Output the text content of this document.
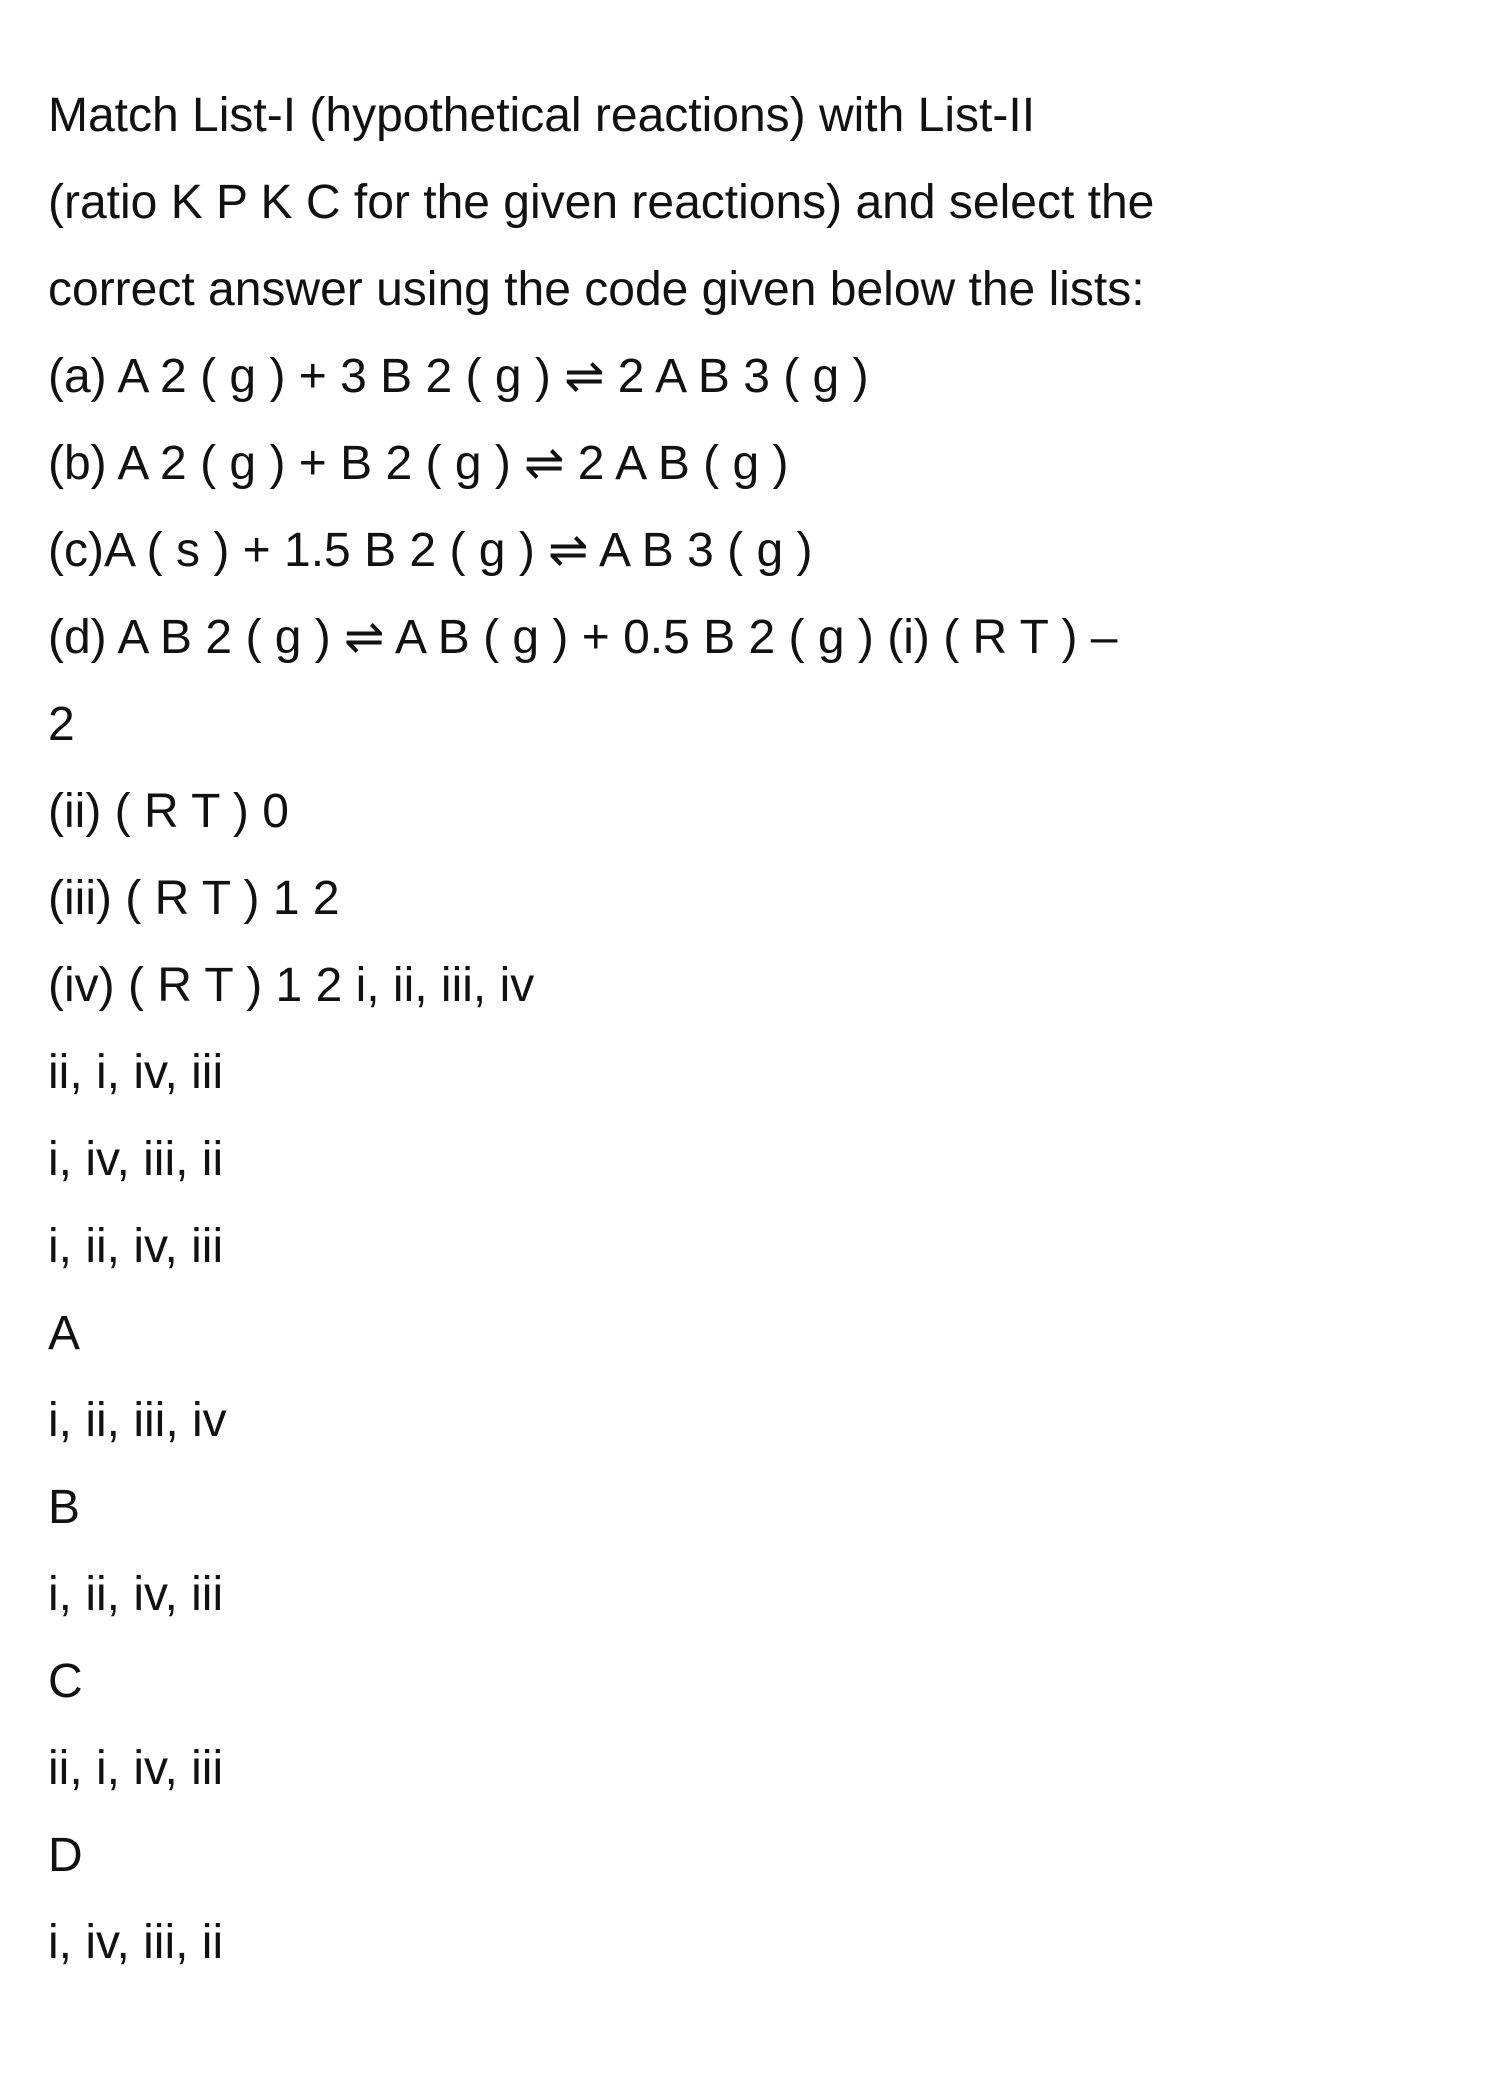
Match List-I (hypothetical reactions) with List-II
(ratio K P K C for the given reactions) and select the
correct answer using the code given below the lists:
(a) A 2 ( g ) + 3 B 2 ( g ) ⇌ 2 A B 3 ( g )
(b) A 2 ( g ) + B 2 ( g ) ⇌ 2 A B ( g )
(c)A ( s ) + 1.5 B 2 ( g ) ⇌ A B 3 ( g )
(d) A B 2 ( g ) ⇌ A B ( g ) + 0.5 B 2 ( g ) (i) ( R T ) –
2
(ii) ( R T ) 0
(iii) ( R T ) 1 2
(iv) ( R T ) 1 2 i, ii, iii, iv
ii, i, iv, iii
i, iv, iii, ii
i, ii, iv, iii
A
i, ii, iii, iv
B
i, ii, iv, iii
C
ii, i, iv, iii
D
i, iv, iii, ii
